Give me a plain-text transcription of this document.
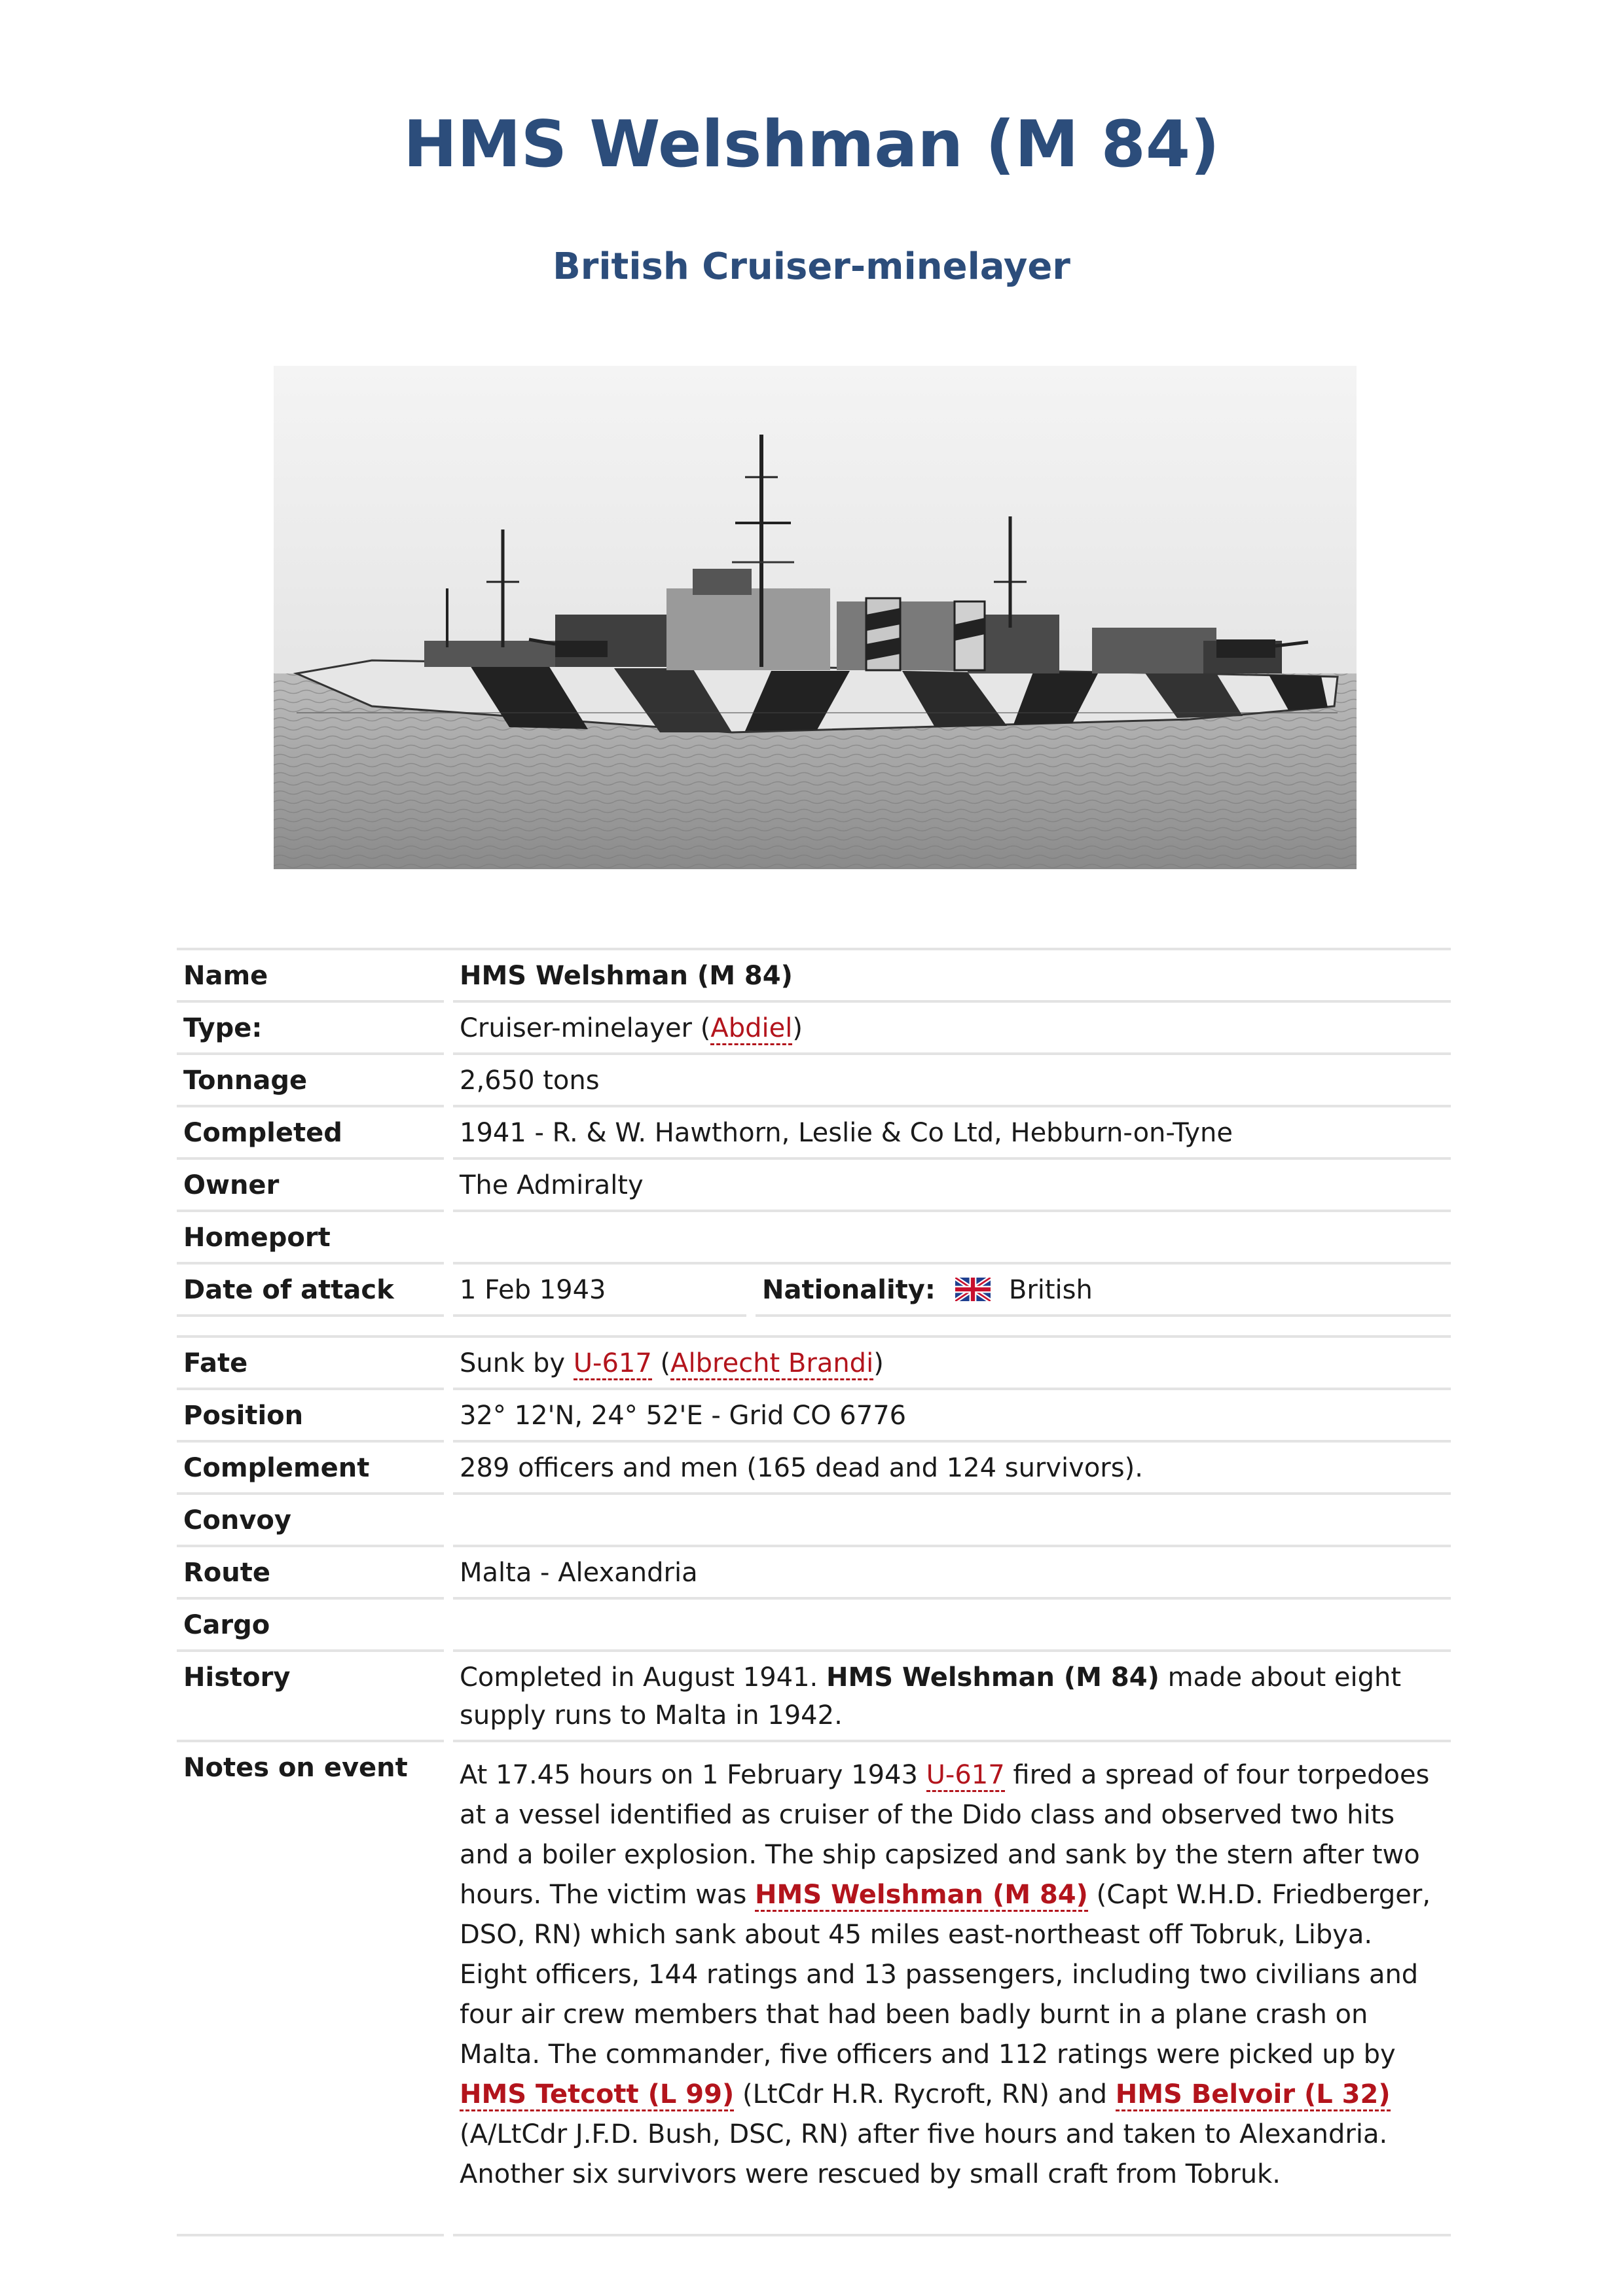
HMS Welshman (M 84)
British Cruiser-minelayer
Name		HMS Welshman (M 84)		
Type:		Cruiser-minelayer (Abdiel)		
Tonnage		2,650 tons		
Completed		1941 - R. & W. Hawthorn, Leslie & Co Ltd, Hebburn-on-Tyne		
Owner		The Admiralty		
Homeport				
Date of attack		1 Feb 1943		Nationality: British
Fate		Sunk by U-617 (Albrecht Brandi)
Position		32° 12'N, 24° 52'E - Grid CO 6776
Complement		289 officers and men (165 dead and 124 survivors).
Convoy		
Route		Malta - Alexandria
Cargo		
History		Completed in August 1941. HMS Welshman (M 84) made about eight supply runs to Malta in 1942.
Notes on event		At 17.45 hours on 1 February 1943 U-617 fired a spread of four torpedoes at a vessel identified as cruiser of the Dido class and observed two hits and a boiler explosion. The ship capsized and sank by the stern after two hours. The victim was HMS Welshman (M 84) (Capt W.H.D. Friedberger, DSO, RN) which sank about 45 miles east-northeast off Tobruk, Libya. Eight officers, 144 ratings and 13 passengers, including two civilians and four air crew members that had been badly burnt in a plane crash on Malta. The commander, five officers and 112 ratings were picked up by HMS Tetcott (L 99) (LtCdr H.R. Rycroft, RN) and HMS Belvoir (L 32) (A/LtCdr J.F.D. Bush, DSC, RN) after five hours and taken to Alexandria. Another six survivors were rescued by small craft from Tobruk.
